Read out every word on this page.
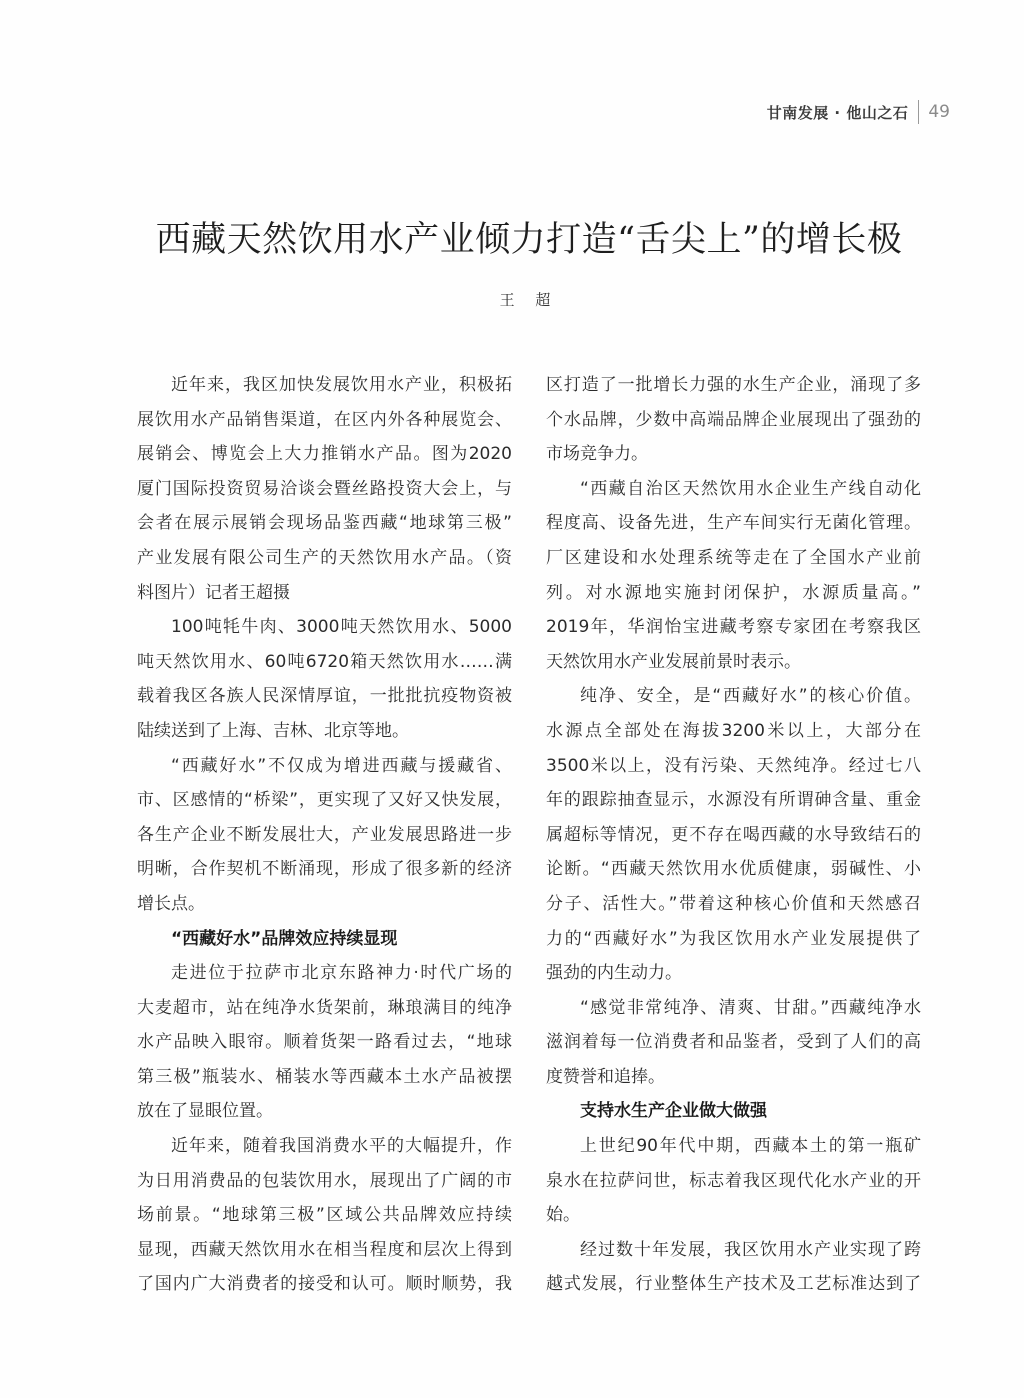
甘南发展 · 他山之石 49
西藏天然饮用水产业倾力打造“舌尖上”的增长极
王 超
近年来，我区加快发展饮用水产业，积极拓
展饮用水产品销售渠道，在区内外各种展览会、
展销会、博览会上大力推销水产品。图为2020
厦门国际投资贸易洽谈会暨丝路投资大会上，与
会者在展示展销会现场品鉴西藏“地球第三极”
产业发展有限公司生产的天然饮用水产品。（资
料图片）记者王超摄
100吨牦牛肉、3000吨天然饮用水、5000
吨天然饮用水、60吨6720箱天然饮用水……满
载着我区各族人民深情厚谊，一批批抗疫物资被
陆续送到了上海、吉林、北京等地。
“西藏好水”不仅成为增进西藏与援藏省、
市、区感情的“桥梁”，更实现了又好又快发展，
各生产企业不断发展壮大，产业发展思路进一步
明晰，合作契机不断涌现，形成了很多新的经济
增长点。
“西藏好水”品牌效应持续显现
走进位于拉萨市北京东路神力·时代广场的
大麦超市，站在纯净水货架前，琳琅满目的纯净
水产品映入眼帘。顺着货架一路看过去，“地球
第三极”瓶装水、桶装水等西藏本土水产品被摆
放在了显眼位置。
近年来，随着我国消费水平的大幅提升，作
为日用消费品的包装饮用水，展现出了广阔的市
场前景。“地球第三极”区域公共品牌效应持续
显现，西藏天然饮用水在相当程度和层次上得到
了国内广大消费者的接受和认可。顺时顺势，我
区打造了一批增长力强的水生产企业，涌现了多
个水品牌，少数中高端品牌企业展现出了强劲的
市场竞争力。
“西藏自治区天然饮用水企业生产线自动化
程度高、设备先进，生产车间实行无菌化管理。
厂区建设和水处理系统等走在了全国水产业前
列。对水源地实施封闭保护，水源质量高。”
2019年，华润怡宝进藏考察专家团在考察我区
天然饮用水产业发展前景时表示。
纯净、安全，是“西藏好水”的核心价值。
水源点全部处在海拔3200米以上，大部分在
3500米以上，没有污染、天然纯净。经过七八
年的跟踪抽查显示，水源没有所谓砷含量、重金
属超标等情况，更不存在喝西藏的水导致结石的
论断。“西藏天然饮用水优质健康，弱碱性、小
分子、活性大。”带着这种核心价值和天然感召
力的“西藏好水”为我区饮用水产业发展提供了
强劲的内生动力。
“感觉非常纯净、清爽、甘甜。”西藏纯净水
滋润着每一位消费者和品鉴者，受到了人们的高
度赞誉和追捧。
支持水生产企业做大做强
上世纪90年代中期，西藏本土的第一瓶矿
泉水在拉萨问世，标志着我区现代化水产业的开
始。
经过数十年发展，我区饮用水产业实现了跨
越式发展，行业整体生产技术及工艺标准达到了
